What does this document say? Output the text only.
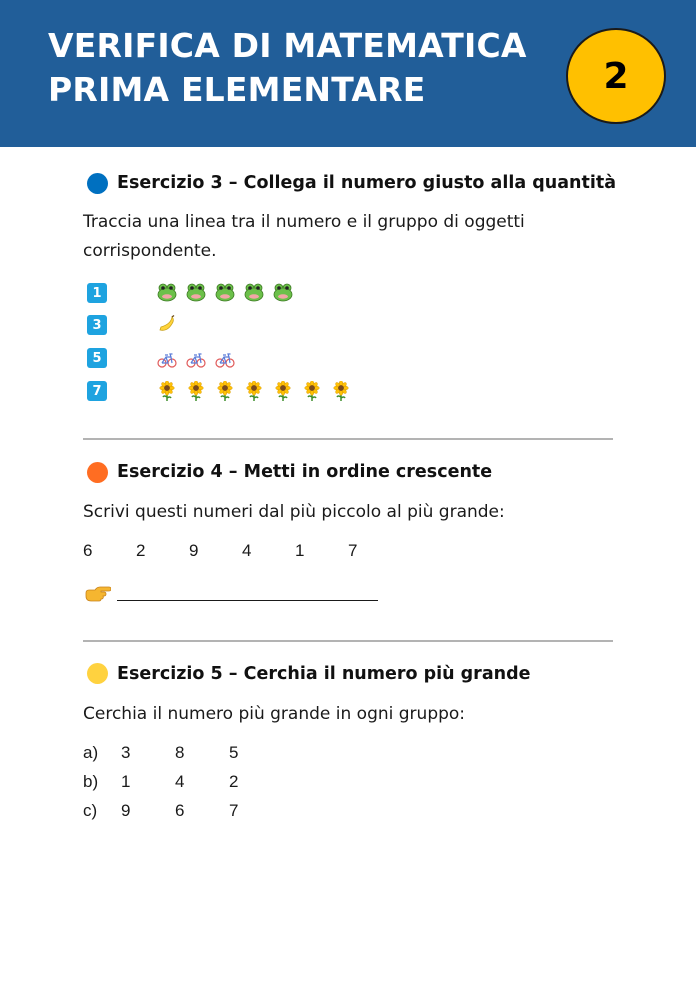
VERIFICA DI MATEMATICA
PRIMA ELEMENTARE	2
Esercizio 3 – Collega il numero giusto alla quantità
Traccia una linea tra il numero e il gruppo di oggetti corrispondente.
1
3
5
7
Esercizio 4 – Metti in ordine crescente
Scrivi questi numeri dal più piccolo al più grande:
6	2	9	4	1	7
Esercizio 5 – Cerchia il numero più grande
Cerchia il numero più grande in ogni gruppo:
a) 3	8	5
b) 1	4	2
c) 9	6	7
